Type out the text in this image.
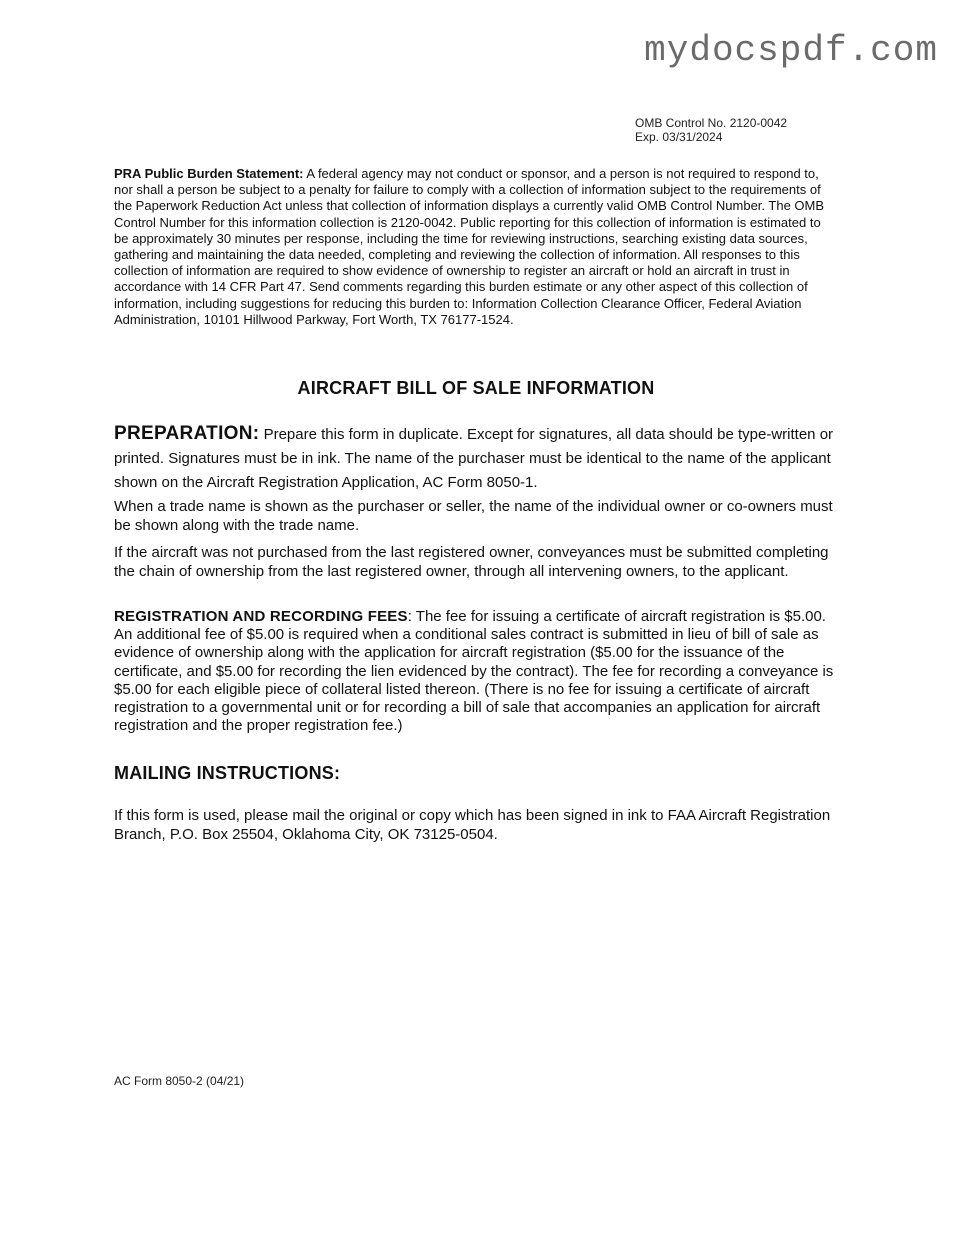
mydocspdf.com
OMB Control No. 2120-0042
Exp. 03/31/2024
PRA Public Burden Statement: A federal agency may not conduct or sponsor, and a person is not required to respond to, nor shall a person be subject to a penalty for failure to comply with a collection of information subject to the requirements of the Paperwork Reduction Act unless that collection of information displays a currently valid OMB Control Number. The OMB Control Number for this information collection is 2120-0042. Public reporting for this collection of information is estimated to be approximately 30 minutes per response, including the time for reviewing instructions, searching existing data sources, gathering and maintaining the data needed, completing and reviewing the collection of information. All responses to this collection of information are required to show evidence of ownership to register an aircraft or hold an aircraft in trust in accordance with 14 CFR Part 47. Send comments regarding this burden estimate or any other aspect of this collection of information, including suggestions for reducing this burden to: Information Collection Clearance Officer, Federal Aviation Administration, 10101 Hillwood Parkway, Fort Worth, TX 76177-1524.
AIRCRAFT BILL OF SALE INFORMATION
PREPARATION: Prepare this form in duplicate. Except for signatures, all data should be type-written or printed. Signatures must be in ink. The name of the purchaser must be identical to the name of the applicant shown on the Aircraft Registration Application, AC Form 8050-1.
When a trade name is shown as the purchaser or seller, the name of the individual owner or co-owners must be shown along with the trade name.
If the aircraft was not purchased from the last registered owner, conveyances must be submitted completing the chain of ownership from the last registered owner, through all intervening owners, to the applicant.
REGISTRATION AND RECORDING FEES: The fee for issuing a certificate of aircraft registration is $5.00. An additional fee of $5.00 is required when a conditional sales contract is submitted in lieu of bill of sale as evidence of ownership along with the application for aircraft registration ($5.00 for the issuance of the certificate, and $5.00 for recording the lien evidenced by the contract). The fee for recording a conveyance is $5.00 for each eligible piece of collateral listed thereon. (There is no fee for issuing a certificate of aircraft registration to a governmental unit or for recording a bill of sale that accompanies an application for aircraft registration and the proper registration fee.)
MAILING INSTRUCTIONS:
If this form is used, please mail the original or copy which has been signed in ink to FAA Aircraft Registration Branch, P.O. Box 25504, Oklahoma City, OK 73125-0504.
AC Form 8050-2 (04/21)
